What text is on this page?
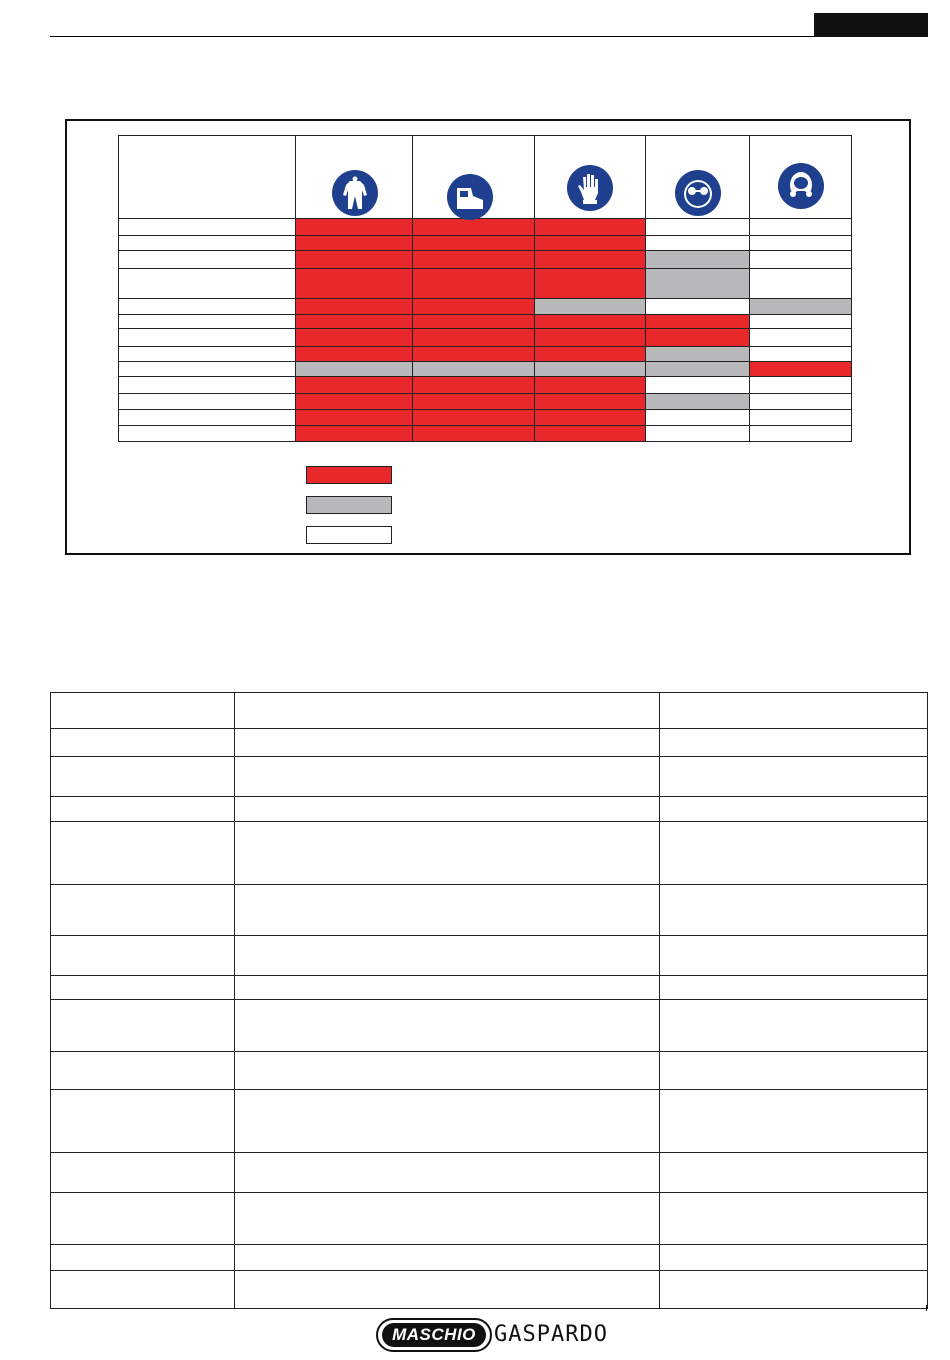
MASCHIO GASPARDO
